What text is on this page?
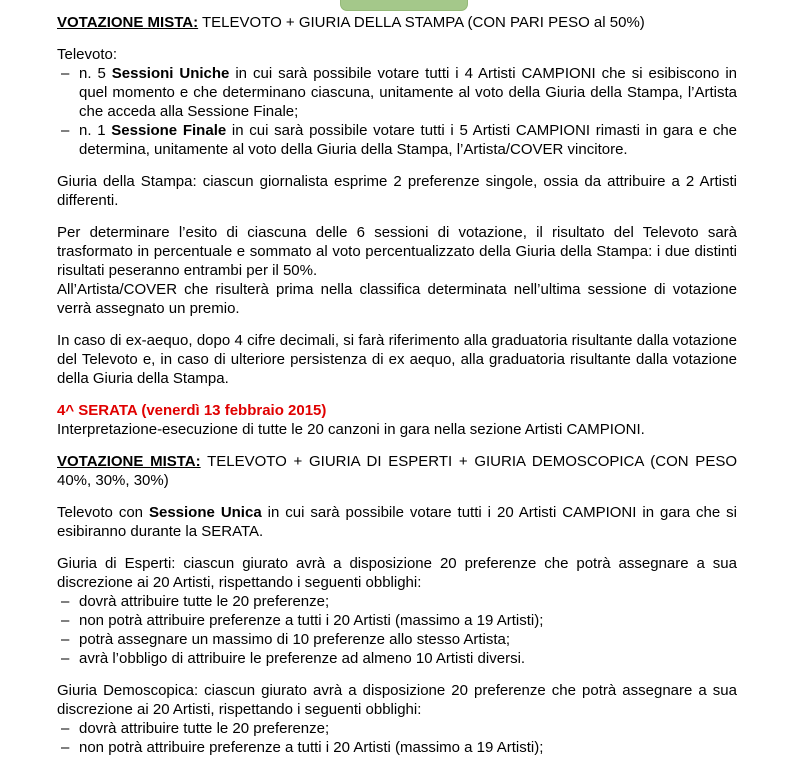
VOTAZIONE MISTA: TELEVOTO + GIURIA DELLA STAMPA (CON PARI PESO al 50%)

Televoto:

– n. 5 Sessioni Uniche in cui sarà possibile votare tutti i 4 Artisti CAMPIONI che si esibiscono in quel momento e che determinano ciascuna, unitamente al voto della Giuria della Stampa, l’Artista che acceda alla Sessione Finale;
– n. 1 Sessione Finale in cui sarà possibile votare tutti i 5 Artisti CAMPIONI rimasti in gara e che determina, unitamente al voto della Giuria della Stampa, l’Artista/COVER vincitore.

Giuria della Stampa: ciascun giornalista esprime 2 preferenze singole, ossia da attribuire a 2 Artisti differenti.

Per determinare l’esito di ciascuna delle 6 sessioni di votazione, il risultato del Televoto sarà trasformato in percentuale e sommato al voto percentualizzato della Giuria della Stampa: i due distinti risultati peseranno entrambi per il 50%.

All’Artista/COVER che risulterà prima nella classifica determinata nell’ultima sessione di votazione verrà assegnato un premio.

In caso di ex-aequo, dopo 4 cifre decimali, si farà riferimento alla graduatoria risultante dalla votazione del Televoto e, in caso di ulteriore persistenza di ex aequo, alla graduatoria risultante dalla votazione della Giuria della Stampa.

4^ SERATA (venerdì 13 febbraio 2015)

Interpretazione-esecuzione di tutte le 20 canzoni in gara nella sezione Artisti CAMPIONI.

VOTAZIONE MISTA: TELEVOTO + GIURIA DI ESPERTI + GIURIA DEMOSCOPICA (CON PESO 40%, 30%, 30%)

Televoto con Sessione Unica in cui sarà possibile votare tutti i 20 Artisti CAMPIONI in gara che si esibiranno durante la SERATA.

Giuria di Esperti: ciascun giurato avrà a disposizione 20 preferenze che potrà assegnare a sua discrezione ai 20 Artisti, rispettando i seguenti obblighi:

– dovrà attribuire tutte le 20 preferenze;
– non potrà attribuire preferenze a tutti i 20 Artisti (massimo a 19 Artisti);
– potrà assegnare un massimo di 10 preferenze allo stesso Artista;
– avrà l’obbligo di attribuire le preferenze ad almeno 10 Artisti diversi.

Giuria Demoscopica: ciascun giurato avrà a disposizione 20 preferenze che potrà assegnare a sua discrezione ai 20 Artisti, rispettando i seguenti obblighi:

– dovrà attribuire tutte le 20 preferenze;
– non potrà attribuire preferenze a tutti i 20 Artisti (massimo a 19 Artisti);
